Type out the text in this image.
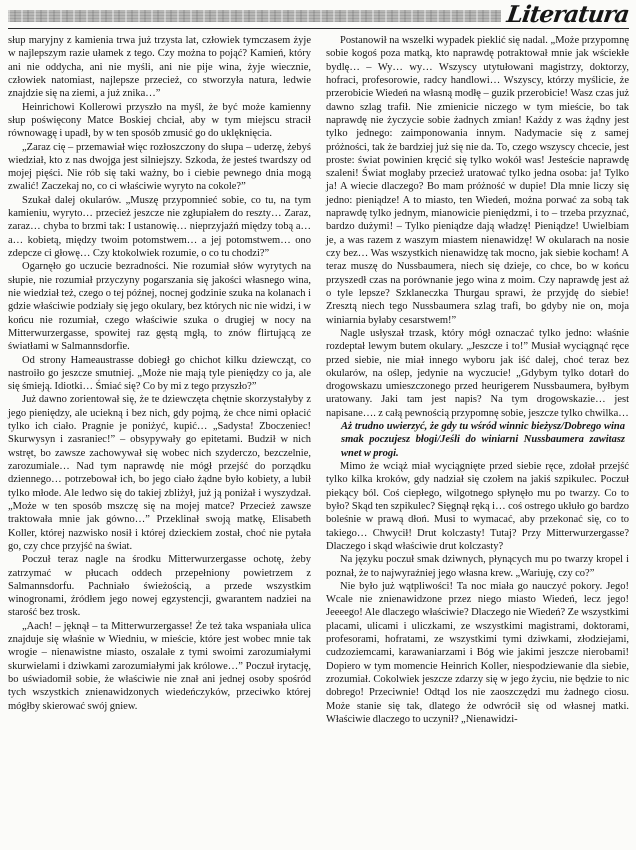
Literatura

słup maryjny z kamienia trwa już trzysta lat, człowiek tymczasem żyje w najlepszym razie ułamek z tego. Czy można to pojąć? Kamień, który ani nie oddycha, ani nie myśli, ani nie pije wina, żyje wiecznie, człowiek natomiast, najlepsze przecież, co stworzyła natura, ledwie znajdzie się na ziemi, a już znika…”

Heinrichowi Kollerowi przyszło na myśl, że być może kamienny słup poświęcony Matce Boskiej chciał, aby w tym miejscu stracił równowagę i upadł, by w ten sposób zmusić go do uklęknięcia.

„Zaraz cię – przemawiał więc rozłoszczony do słupa – uderzę, żebyś wiedział, kto z nas dwojga jest silniejszy. Szkoda, że jesteś twardszy od mojej pięści. Nie rób się taki ważny, bo i ciebie pewnego dnia mogą zwalić! Zaczekaj no, co ci właściwie wyryto na cokole?”

Szukał dalej okularów. „Muszę przypomnieć sobie, co tu, na tym kamieniu, wyryto… przecież jeszcze nie zgłupiałem do reszty… Zaraz, zaraz… chyba to brzmi tak: I ustanowię… nieprzyjaźń między tobą a… a… kobietą, między twoim potomstwem… a jej potomstwem… ono zdepcze ci głowę… Czy ktokolwiek rozumie, o co tu chodzi?”

Ogarnęło go uczucie bezradności. Nie rozumiał słów wyrytych na słupie, nie rozumiał przyczyny pogarszania się jakości własnego wina, nie wiedział też, czego o tej późnej, nocnej godzinie szuka na kolanach i gdzie właściwie podziały się jego okulary, bez których nic nie widzi, i w końcu nie rozumiał, czego właściwie szuka o drugiej w nocy na Mitterwurzergasse, spowitej raz gęstą mgłą, to znów flirtującą ze światłami w Salmannsdorfie.

Od strony Hameaustrasse dobiegł go chichot kilku dziewcząt, co nastroiło go jeszcze smutniej. „Może nie mają tyle pieniędzy co ja, ale się śmieją. Idiotki… Śmiać się? Co by mi z tego przyszło?”

Już dawno zorientował się, że te dziewczęta chętnie skorzystałyby z jego pieniędzy, ale uciekną i bez nich, gdy pojmą, że chce nimi opłacić tylko ich ciało. Pragnie je poniżyć, kupić… „Sadysta! Zboczeniec! Skurwysyn i zasraniec!” – obsypywały go epitetami. Budził w nich wstręt, bo zawsze zachowywał się wobec nich szyderczo, bezczelnie, zarozumiale… Nad tym naprawdę nie mógł przejść do porządku dziennego… potrzebował ich, bo jego ciało żądne było kobiety, a lubił tylko młode. Ale ledwo się do takiej zbliżył, już ją poniżał i wyszydzał. „Może w ten sposób mszczę się na mojej matce? Przecież zawsze traktowała mnie jak gówno…” Przeklinał swoją matkę, Elisabeth Koller, której nazwisko nosił i której dzieckiem został, choć nie pytała go, czy chce przyjść na świat.

Poczuł teraz nagle na środku Mitterwurzergasse ochotę, żeby zatrzymać w płucach oddech przepełniony powietrzem z Salmannsdorfu. Pachniało świeżością, a przede wszystkim winogronami, źródłem jego nowej egzystencji, gwarantem nadziei na starość bez trosk.

„Aach! – jęknął – ta Mitterwurzergasse! Że też taka wspaniała ulica znajduje się właśnie w Wiedniu, w mieście, które jest wobec mnie tak wrogie – nienawistne miasto, oszalałe z tymi swoimi zarozumiałymi skurwielami i dziwkami zarozumiałymi jak królowe…” Poczuł irytację, bo uświadomił sobie, że właściwie nie znał ani jednej osoby spośród tych wszystkich znienawidzonych wiedeńczyków, przeciwko której mógłby skierować swój gniew.

Postanowił na wszelki wypadek pieklić się nadal. „Może przypomnę sobie kogoś poza matką, kto naprawdę potraktował mnie jak wściekłe bydlę… – Wy… wy… Wszyscy utytułowani magistrzy, doktorzy, hofraci, profesorowie, radcy handlowi… Wszyscy, którzy myślicie, że przerobicie Wiedeń na własną modłę – guzik przerobicie! Wasz czas już dawno szlag trafił. Nie zmienicie niczego w tym mieście, bo tak naprawdę nie życzycie sobie żadnych zmian! Każdy z was żądny jest tylko jednego: zaimponowania innym. Nadymacie się z samej próżności, tak że bardziej już się nie da. To, czego wszyscy chcecie, jest proste: świat powinien kręcić się tylko wokół was! Jesteście naprawdę szaleni! Świat mogłaby przecież uratować tylko jedna osoba: ja! Tylko ja! A wiecie dlaczego? Bo mam próżność w dupie! Dla mnie liczy się jedno: pieniądze! A to miasto, ten Wiedeń, można porwać za sobą tak naprawdę tylko jednym, mianowicie pieniędzmi, i to – trzeba przyznać, bardzo dużymi! – Tylko pieniądze dają władzę! Pieniądze! Uwielbiam je, a was razem z waszym miastem nienawidzę! W okularach na nosie czy bez… Was wszystkich nienawidzę tak mocno, jak siebie kocham! A teraz muszę do Nussbaumera, niech się dzieje, co chce, bo w końcu przyszedł czas na porównanie jego wina z moim. Czy naprawdę jest aż o tyle lepsze? Szklaneczka Thurgau sprawi, że przyjdę do siebie! Zresztą niech tego Nussbaumera szlag trafi, bo gdyby nie on, moja winiarnia byłaby cesarstwem!”

Nagle usłyszał trzask, który mógł oznaczać tylko jedno: właśnie rozdeptał lewym butem okulary. „Jeszcze i to!” Musiał wyciągnąć ręce przed siebie, nie miał innego wyboru jak iść dalej, choć teraz bez okularów, na oślep, jedynie na wyczucie! „Gdybym tylko dotarł do drogowskazu umieszczonego przed heurigerem Nussbaumera, byłbym uratowany. Jaki tam jest napis? Na tym drogowskazie… jest napisane…. z całą pewnością przypomnę sobie, jeszcze tylko chwilka…

Aż trudno uwierzyć, że gdy tu wśród winnic bieżysz/Dobrego wina smak poczujesz błogi/Jeśli do winiarni Nussbaumera zawitasz wnet w progi.

Mimo że wciąż miał wyciągnięte przed siebie ręce, zdołał przejść tylko kilka kroków, gdy nadział się czołem na jakiś szpikulec. Poczuł piekący ból. Coś ciepłego, wilgotnego spłynęło mu po twarzy. Co to było? Skąd ten szpikulec? Sięgnął ręką i… coś ostrego ukłuło go bardzo boleśnie w prawą dłoń. Musi to wymacać, aby przekonać się, co to takiego… Chwycił! Drut kolczasty! Tutaj? Przy Mitterwurzergasse? Dlaczego i skąd właściwie drut kolczasty?

Na języku poczuł smak dziwnych, płynących mu po twarzy kropel i poznał, że to najwyraźniej jego własna krew. „Wariuję, czy co?”

Nie było już wątpliwości! Ta noc miała go nauczyć pokory. Jego! Wcale nie znienawidzone przez niego miasto Wiedeń, lecz jego! Jeeeego! Ale dlaczego właściwie? Dlaczego nie Wiedeń? Ze wszystkimi placami, ulicami i uliczkami, ze wszystkimi magistrami, doktorami, profesorami, hofratami, ze wszystkimi tymi dziwkami, złodziejami, cudzoziemcami, karawaniarzami i Bóg wie jakimi jeszcze nierobami! Dopiero w tym momencie Heinrich Koller, niespodziewanie dla siebie, zrozumiał. Cokolwiek jeszcze zdarzy się w jego życiu, nie będzie to nic dobrego! Przeciwnie! Odtąd los nie zaoszczędzi mu żadnego ciosu. Może stanie się tak, dlatego że odwrócił się od własnej matki. Właściwie dlaczego to uczynił? „Nienawidzi-
